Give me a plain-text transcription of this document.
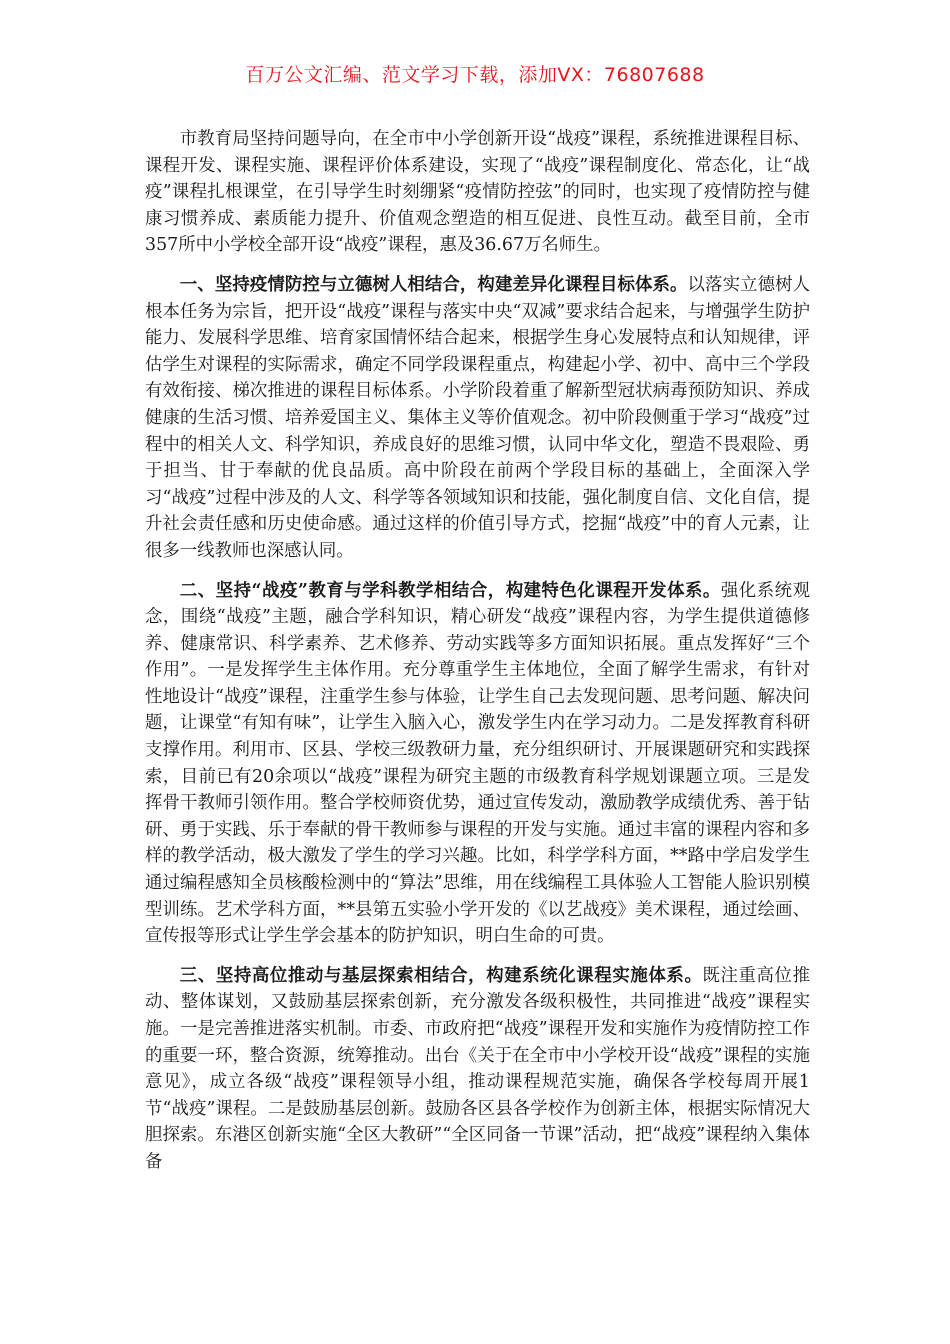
百万公文汇编、范文学习下载，添加VX：76807688

市教育局坚持问题导向，在全市中小学创新开设“战疫”课程，系统推进课程目标、课程开发、课程实施、课程评价体系建设，实现了“战疫”课程制度化、常态化，让“战疫”课程扎根课堂，在引导学生时刻绷紧“疫情防控弦”的同时，也实现了疫情防控与健康习惯养成、素质能力提升、价值观念塑造的相互促进、良性互动。截至目前，全市357所中小学校全部开设“战疫”课程，惠及36.67万名师生。

一、坚持疫情防控与立德树人相结合，构建差异化课程目标体系。以落实立德树人根本任务为宗旨，把开设“战疫”课程与落实中央“双减”要求结合起来，与增强学生防护能力、发展科学思维、培育家国情怀结合起来，根据学生身心发展特点和认知规律，评估学生对课程的实际需求，确定不同学段课程重点，构建起小学、初中、高中三个学段有效衔接、梯次推进的课程目标体系。小学阶段着重了解新型冠状病毒预防知识、养成健康的生活习惯、培养爱国主义、集体主义等价值观念。初中阶段侧重于学习“战疫”过程中的相关人文、科学知识，养成良好的思维习惯，认同中华文化，塑造不畏艰险、勇于担当、甘于奉献的优良品质。高中阶段在前两个学段目标的基础上，全面深入学习“战疫”过程中涉及的人文、科学等各领域知识和技能，强化制度自信、文化自信，提升社会责任感和历史使命感。通过这样的价值引导方式，挖掘“战疫”中的育人元素，让很多一线教师也深感认同。

二、坚持“战疫”教育与学科教学相结合，构建特色化课程开发体系。强化系统观念，围绕“战疫”主题，融合学科知识，精心研发“战疫”课程内容，为学生提供道德修养、健康常识、科学素养、艺术修养、劳动实践等多方面知识拓展。重点发挥好“三个作用”。一是发挥学生主体作用。充分尊重学生主体地位，全面了解学生需求，有针对性地设计“战疫”课程，注重学生参与体验，让学生自己去发现问题、思考问题、解决问题，让课堂“有知有味”，让学生入脑入心，激发学生内在学习动力。二是发挥教育科研支撑作用。利用市、区县、学校三级教研力量，充分组织研讨、开展课题研究和实践探索，目前已有20余项以“战疫”课程为研究主题的市级教育科学规划课题立项。三是发挥骨干教师引领作用。整合学校师资优势，通过宣传发动，激励教学成绩优秀、善于钻研、勇于实践、乐于奉献的骨干教师参与课程的开发与实施。通过丰富的课程内容和多样的教学活动，极大激发了学生的学习兴趣。比如，科学学科方面，**路中学启发学生通过编程感知全员核酸检测中的“算法”思维，用在线编程工具体验人工智能人脸识别模型训练。艺术学科方面，**县第五实验小学开发的《以艺战疫》美术课程，通过绘画、宣传报等形式让学生学会基本的防护知识，明白生命的可贵。

三、坚持高位推动与基层探索相结合，构建系统化课程实施体系。既注重高位推动、整体谋划，又鼓励基层探索创新，充分激发各级积极性，共同推进“战疫”课程实施。一是完善推进落实机制。市委、市政府把“战疫”课程开发和实施作为疫情防控工作的重要一环，整合资源，统筹推动。出台《关于在全市中小学校开设“战疫”课程的实施意见》，成立各级“战疫”课程领导小组，推动课程规范实施，确保各学校每周开展1节“战疫”课程。二是鼓励基层创新。鼓励各区县各学校作为创新主体，根据实际情况大胆探索。东港区创新实施“全区大教研”“全区同备一节课”活动，把“战疫”课程纳入集体备
